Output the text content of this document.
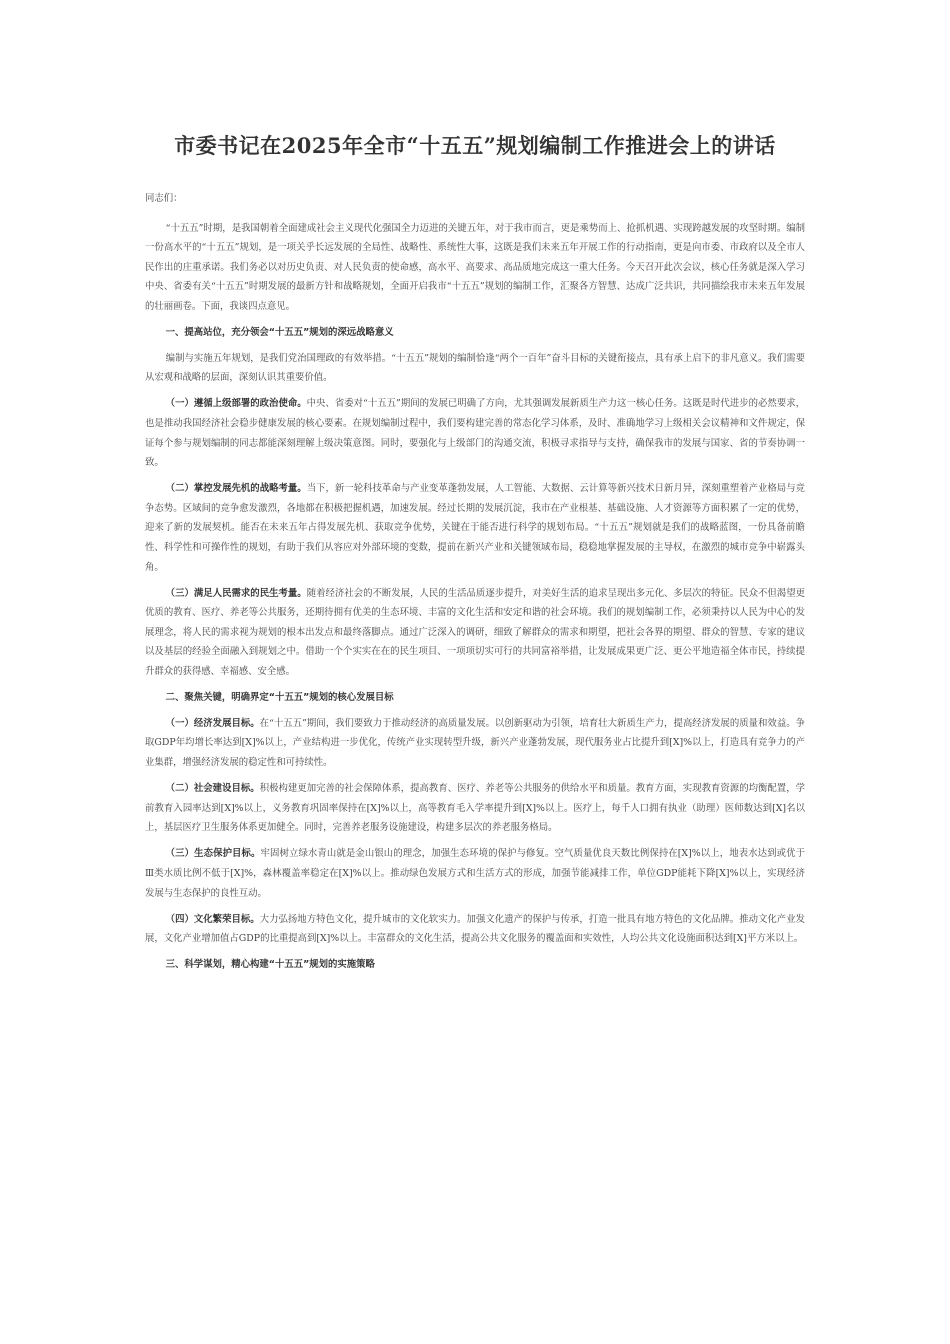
市委书记在2025年全市“十五五”规划编制工作推进会上的讲话

同志们：

“十五五”时期，是我国朝着全面建成社会主义现代化强国全力迈进的关键五年，对于我市而言，更是乘势而上、抢抓机遇、实现跨越发展的攻坚时期。编制一份高水平的“十五五”规划，是一项关乎长远发展的全局性、战略性、系统性大事，这既是我们未来五年开展工作的行动指南，更是向市委、市政府以及全市人民作出的庄重承诺。我们务必以对历史负责、对人民负责的使命感，高水平、高要求、高品质地完成这一重大任务。今天召开此次会议，核心任务就是深入学习中央、省委有关“十五五”时期发展的最新方针和战略规划，全面开启我市“十五五”规划的编制工作，汇聚各方智慧、达成广泛共识，共同描绘我市未来五年发展的壮丽画卷。下面，我谈四点意见。

一、提高站位，充分领会“十五五”规划的深远战略意义

编制与实施五年规划，是我们党治国理政的有效举措。“十五五”规划的编制恰逢“两个一百年”奋斗目标的关键衔接点，具有承上启下的非凡意义。我们需要从宏观和战略的层面，深刻认识其重要价值。

（一）遵循上级部署的政治使命。中央、省委对“十五五”期间的发展已明确了方向，尤其强调发展新质生产力这一核心任务。这既是时代进步的必然要求，也是推动我国经济社会稳步健康发展的核心要素。在规划编制过程中，我们要构建完善的常态化学习体系，及时、准确地学习上级相关会议精神和文件规定，保证每个参与规划编制的同志都能深刻理解上级决策意图。同时，要强化与上级部门的沟通交流，积极寻求指导与支持，确保我市的发展与国家、省的节奏协调一致。

（二）掌控发展先机的战略考量。当下，新一轮科技革命与产业变革蓬勃发展，人工智能、大数据、云计算等新兴技术日新月异，深刻重塑着产业格局与竞争态势。区域间的竞争愈发激烈，各地都在积极把握机遇，加速发展。经过长期的发展沉淀，我市在产业根基、基础设施、人才资源等方面积累了一定的优势，迎来了新的发展契机。能否在未来五年占得发展先机、获取竞争优势，关键在于能否进行科学的规划布局。“十五五”规划就是我们的战略蓝图，一份具备前瞻性、科学性和可操作性的规划，有助于我们从容应对外部环境的变数，提前在新兴产业和关键领域布局，稳稳地掌握发展的主导权，在激烈的城市竞争中崭露头角。

（三）满足人民需求的民生考量。随着经济社会的不断发展，人民的生活品质逐步提升，对美好生活的追求呈现出多元化、多层次的特征。民众不但渴望更优质的教育、医疗、养老等公共服务，还期待拥有优美的生态环境、丰富的文化生活和安定和谐的社会环境。我们的规划编制工作，必须秉持以人民为中心的发展理念，将人民的需求视为规划的根本出发点和最终落脚点。通过广泛深入的调研，细致了解群众的需求和期望，把社会各界的期望、群众的智慧、专家的建议以及基层的经验全面融入到规划之中。借助一个个实实在在的民生项目、一项项切实可行的共同富裕举措，让发展成果更广泛、更公平地造福全体市民，持续提升群众的获得感、幸福感、安全感。

二、聚焦关键，明确界定“十五五”规划的核心发展目标

（一）经济发展目标。在“十五五”期间，我们要致力于推动经济的高质量发展。以创新驱动为引领，培育壮大新质生产力，提高经济发展的质量和效益。争取GDP年均增长率达到[X]%以上，产业结构进一步优化，传统产业实现转型升级，新兴产业蓬勃发展，现代服务业占比提升到[X]%以上，打造具有竞争力的产业集群，增强经济发展的稳定性和可持续性。

（二）社会建设目标。积极构建更加完善的社会保障体系，提高教育、医疗、养老等公共服务的供给水平和质量。教育方面，实现教育资源的均衡配置，学前教育入园率达到[X]%以上，义务教育巩固率保持在[X]%以上，高等教育毛入学率提升到[X]%以上。医疗上，每千人口拥有执业（助理）医师数达到[X]名以上，基层医疗卫生服务体系更加健全。同时，完善养老服务设施建设，构建多层次的养老服务格局。

（三）生态保护目标。牢固树立绿水青山就是金山银山的理念，加强生态环境的保护与修复。空气质量优良天数比例保持在[X]%以上，地表水达到或优于Ⅲ类水质比例不低于[X]%，森林覆盖率稳定在[X]%以上。推动绿色发展方式和生活方式的形成，加强节能减排工作，单位GDP能耗下降[X]%以上，实现经济发展与生态保护的良性互动。

（四）文化繁荣目标。大力弘扬地方特色文化，提升城市的文化软实力。加强文化遗产的保护与传承，打造一批具有地方特色的文化品牌。推动文化产业发展，文化产业增加值占GDP的比重提高到[X]%以上。丰富群众的文化生活，提高公共文化服务的覆盖面和实效性，人均公共文化设施面积达到[X]平方米以上。

三、科学谋划，精心构建“十五五”规划的实施策略
